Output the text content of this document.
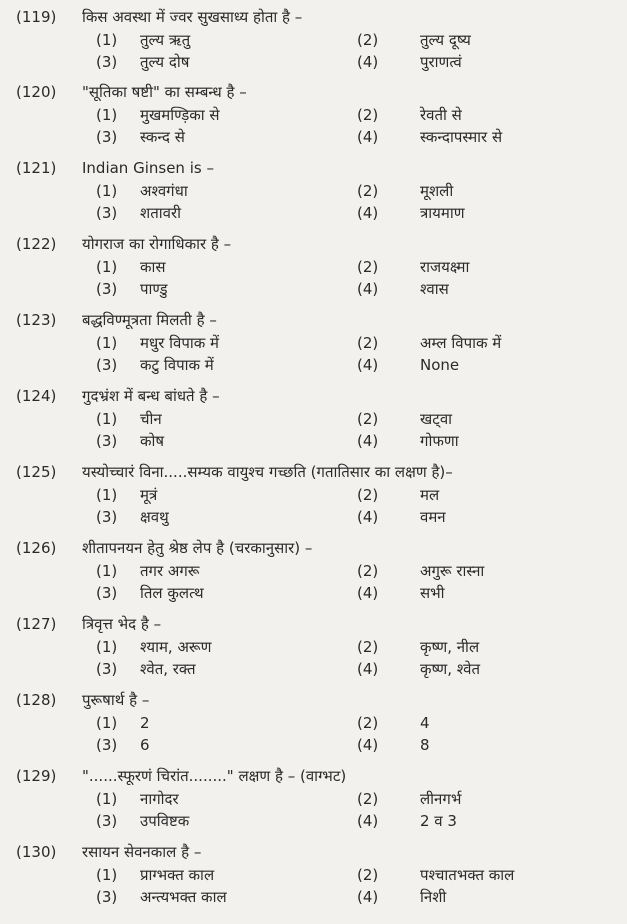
(119) किस अवस्था में ज्वर सुखसाध्य होता है –
(1) तुल्य ऋतु	(2)	तुल्य दूष्य
(3) तुल्य दोष	(4)	पुराणत्वं
(120) "सूतिका षष्टी" का सम्बन्ध है –
(1) मुखमण्ड़िका से	(2)	रेवती से
(3) स्कन्द से	(4)	स्कन्दापस्मार से
(121) Indian Ginsen is –
(1) अश्वगंधा	(2)	मूशली
(3) शतावरी	(4)	त्रायमाण
(122) योगराज का रोगाधिकार है –
(1) कास	(2)	राजयक्ष्मा
(3) पाण्डु	(4)	श्वास
(123) बद्धविण्मूत्रता मिलती है –
(1) मधुर विपाक में	(2)	अम्ल विपाक में
(3) कटु विपाक में	(4)	None
(124) गुदभ्रंश में बन्ध बांधते है –
(1) चीन	(2)	खट्वा
(3) कोष	(4)	गोफणा
(125) यस्योच्चारं विना.....सम्यक वायुश्च गच्छति (गतातिसार का लक्षण है)–
(1) मूत्रं	(2)	मल
(3) क्षवथु	(4)	वमन
(126) शीतापनयन हेतु श्रेष्ठ लेप है (चरकानुसार) –
(1) तगर अगरू	(2)	अगुरू रास्ना
(3) तिल कुलत्थ	(4)	सभी
(127) त्रिवृत्त भेद है –
(1) श्याम, अरूण	(2)	कृष्ण, नील
(3) श्वेत, रक्त	(4)	कृष्ण, श्वेत
(128) पुरूषार्थ है –
(1) 2	(2)	4
(3) 6	(4)	8
(129) "......स्फूरणं चिरांत........" लक्षण है – (वाग्भट)
(1) नागोदर	(2)	लीनगर्भ
(3) उपविष्टक	(4)	2 व 3
(130) रसायन सेवनकाल है –
(1) प्राग्भक्त काल	(2)	पश्चातभक्त काल
(3) अन्त्यभक्त काल	(4)	निशी
